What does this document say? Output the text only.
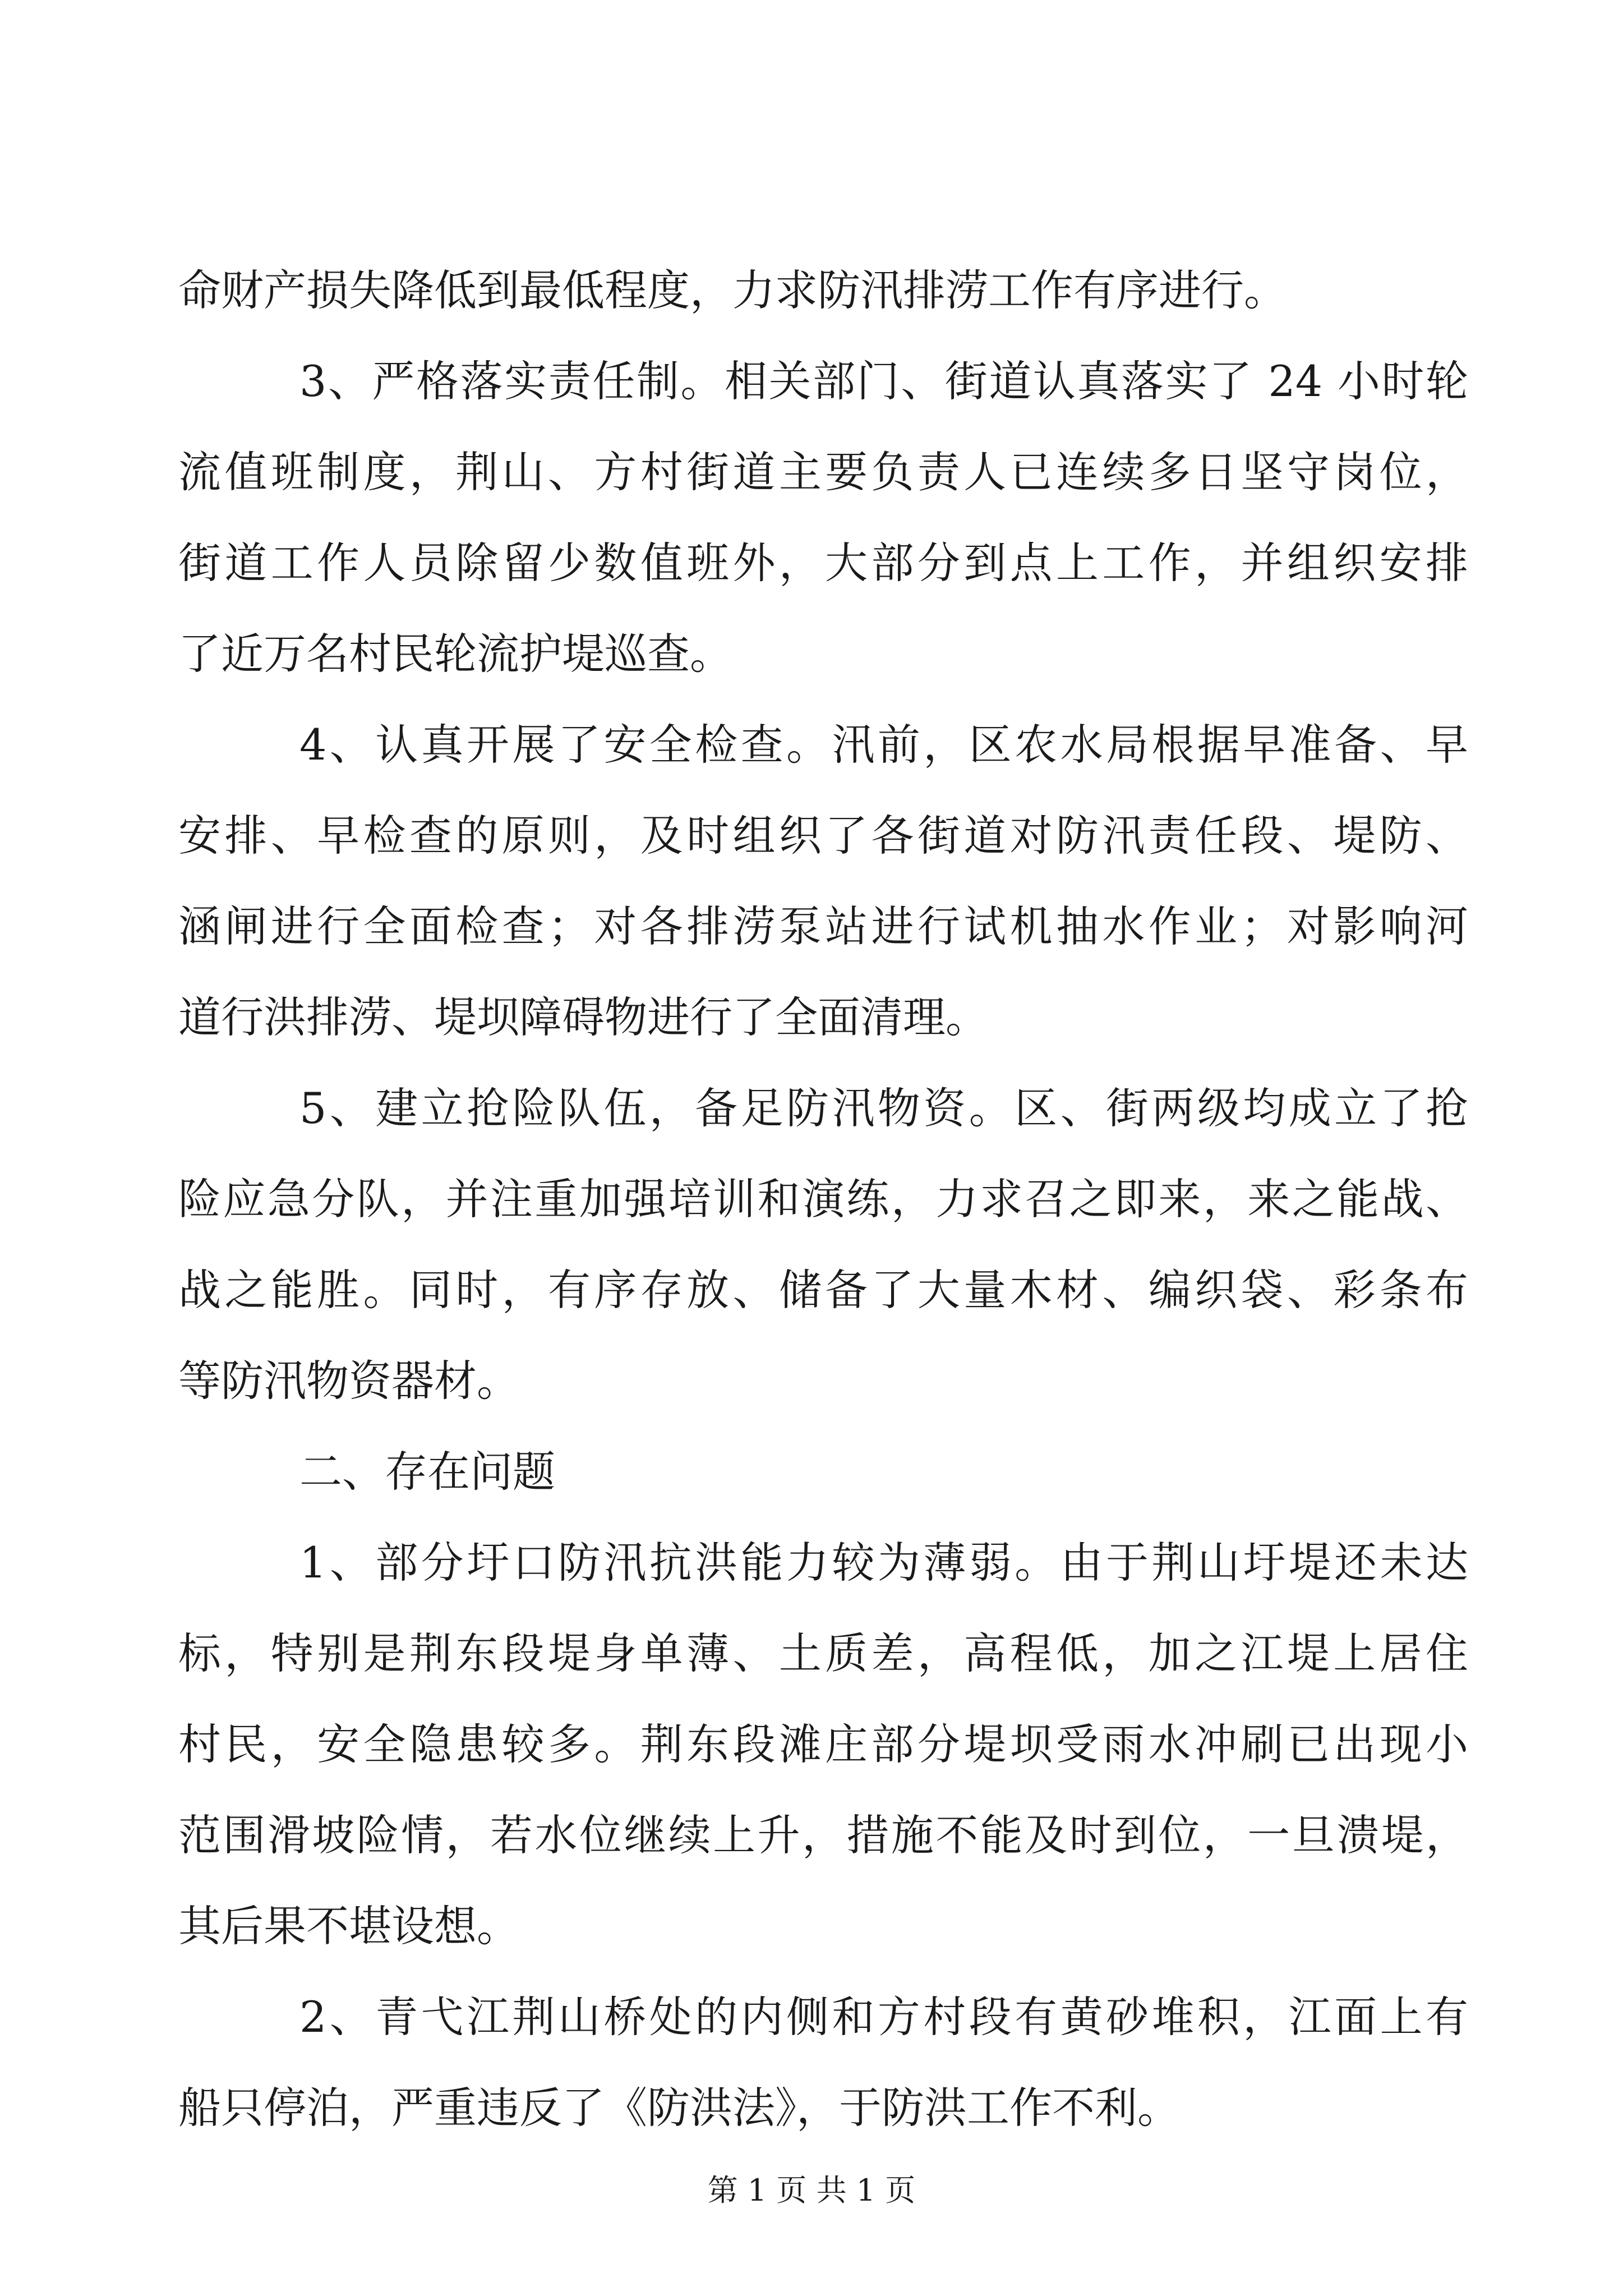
命财产损失降低到最低程度，力求防汛排涝工作有序进行。
3、严格落实责任制。相关部门、街道认真落实了 24 小时轮
流值班制度，荆山、方村街道主要负责人已连续多日坚守岗位，
街道工作人员除留少数值班外，大部分到点上工作，并组织安排
了近万名村民轮流护堤巡查。
4、认真开展了安全检查。汛前，区农水局根据早准备、早
安排、早检查的原则，及时组织了各街道对防汛责任段、堤防、
涵闸进行全面检查；对各排涝泵站进行试机抽水作业；对影响河
道行洪排涝、堤坝障碍物进行了全面清理。
5、建立抢险队伍，备足防汛物资。区、街两级均成立了抢
险应急分队，并注重加强培训和演练，力求召之即来，来之能战、
战之能胜。同时，有序存放、储备了大量木材、编织袋、彩条布
等防汛物资器材。
二、存在问题
1、部分圩口防汛抗洪能力较为薄弱。由于荆山圩堤还未达
标，特别是荆东段堤身单薄、土质差，高程低，加之江堤上居住
村民，安全隐患较多。荆东段滩庄部分堤坝受雨水冲刷已出现小
范围滑坡险情，若水位继续上升，措施不能及时到位，一旦溃堤，
其后果不堪设想。
2、青弋江荆山桥处的内侧和方村段有黄砂堆积，江面上有
船只停泊，严重违反了《防洪法》，于防洪工作不利。
第 1 页 共 1 页
